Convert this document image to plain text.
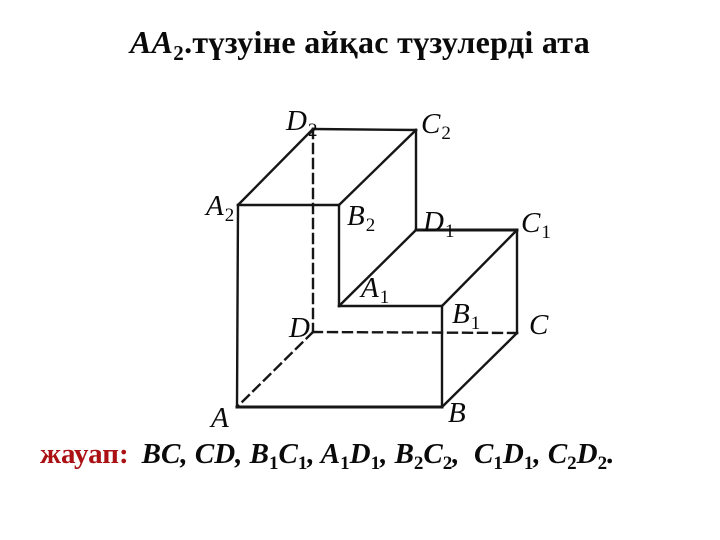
$AA_2.түзуіне$ айқас түзулерді ата
$D_2$	$C_2$
$A_2$	$B_2$ $D_1$ $C_1$
$A_1$
$B_1$
D	C
A	B
жауап: BC, CD, $B_1C_1$, $A_1D_1$, $B_2C_2$,  $C_1D_1$, $C_2D_2$.
